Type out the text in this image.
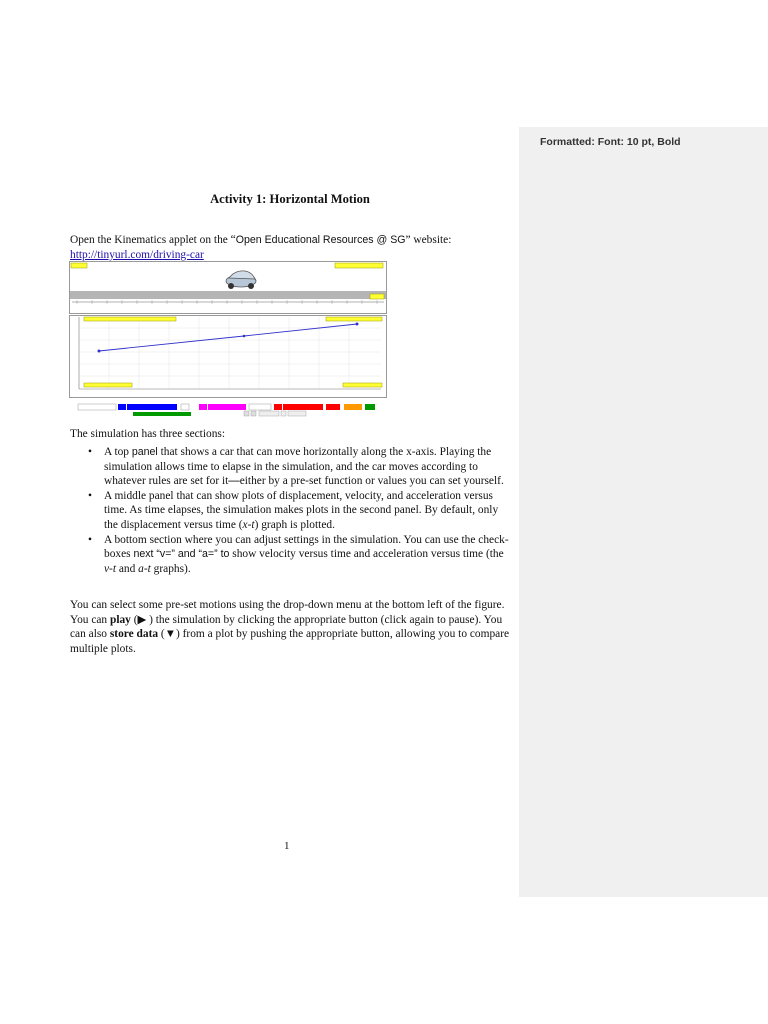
Formatted: Font: 10 pt, Bold
Activity 1: Horizontal Motion
Open the Kinematics applet on the “Open Educational Resources @ SG” website:
http://tinyurl.com/driving-car
The simulation has three sections:
• A top panel that shows a car that can move horizontally along the x-axis. Playing the simulation allows time to elapse in the simulation, and the car moves according to whatever rules are set for it—either by a pre-set function or values you can set yourself.
• A middle panel that can show plots of displacement, velocity, and acceleration versus time. As time elapses, the simulation makes plots in the second panel. By default, only the displacement versus time (x-t) graph is plotted.
• A bottom section where you can adjust settings in the simulation. You can use the check-boxes next “v=” and “a=” to show velocity versus time and acceleration versus time (the v-t and a-t graphs).
You can select some pre-set motions using the drop-down menu at the bottom left of the figure. You can play (▶ ) the simulation by clicking the appropriate button (click again to pause). You can also store data (▼) from a plot by pushing the appropriate button, allowing you to compare multiple plots.
1
